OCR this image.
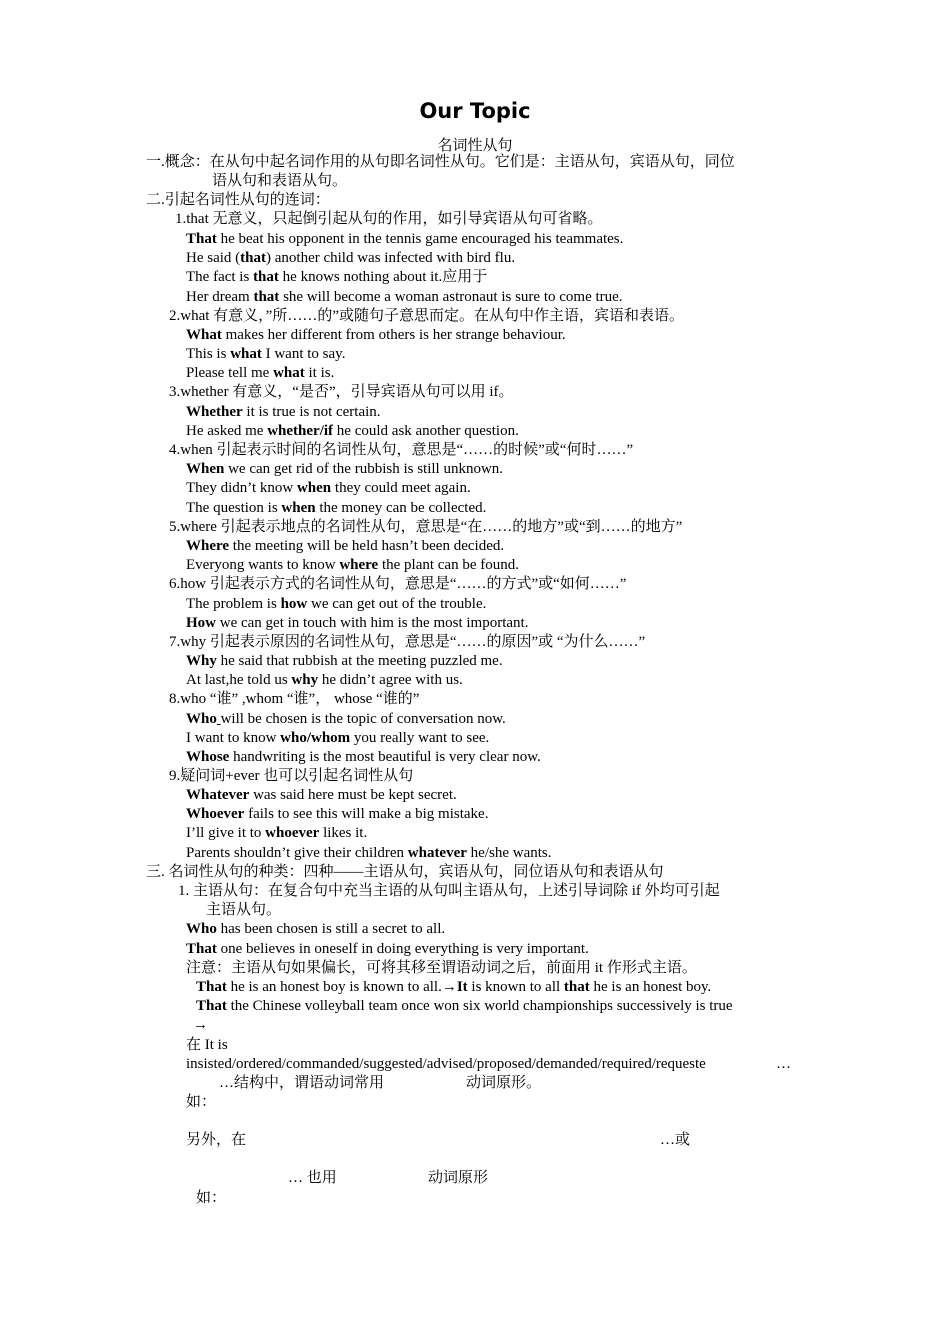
Our Topic
名词性从句
一.概念：在从句中起名词作用的从句即名词性从句。它们是：主语从句，宾语从句，同位
语从句和表语从句。
二.引起名词性从句的连词：
1.that 无意义，只起倒引起从句的作用，如引导宾语从句可省略。
That he beat his opponent in the tennis game encouraged his teammates.
He said (that) another child was infected with bird flu.
The fact is that he knows nothing about it.应用于
Her dream that she will become a woman astronaut is sure to come true.
2.what 有意义，”所……的”或随句子意思而定。在从句中作主语，宾语和表语。
What makes her different from others is her strange behaviour.
This is what I want to say.
Please tell me what it is.
3.whether 有意义，“是否”，引导宾语从句可以用 if。
Whether it is true is not certain.
He asked me whether/if he could ask another question.
4.when 引起表示时间的名词性从句，意思是“……的时候”或“何时……”
When we can get rid of the rubbish is still unknown.
They didn’t know when they could meet again.
The question is when the money can be collected.
5.where 引起表示地点的名词性从句，意思是“在……的地方”或“到……的地方”
Where the meeting will be held hasn’t been decided.
Everyong wants to know where the plant can be found.
6.how 引起表示方式的名词性从句，意思是“……的方式”或“如何……”
The problem is how we can get out of the trouble.
How we can get in touch with him is the most important.
7.why 引起表示原因的名词性从句，意思是“……的原因”或 “为什么……”
Why he said that rubbish at the meeting puzzled me.
At last,he told us why he didn’t agree with us.
8.who “谁” ,whom “谁”， whose “谁的”
Who will be chosen is the topic of conversation now.
I want to know who/whom you really want to see.
Whose handwriting is the most beautiful is very clear now.
9.疑问词+ever 也可以引起名词性从句
Whatever was said here must be kept secret.
Whoever fails to see this will make a big mistake.
I’ll give it to whoever likes it.
Parents shouldn’t give their children whatever he/she wants.
三. 名词性从句的种类：四种——主语从句，宾语从句，同位语从句和表语从句
1. 主语从句：在复合句中充当主语的从句叫主语从句，上述引导词除 if 外均可引起
主语从句。
Who has been chosen is still a secret to all.
That one believes in oneself in doing everything is very important.
注意：主语从句如果偏长，可将其移至谓语动词之后，前面用 it 作形式主语。
That he is an honest boy is known to all.→It is known to all that he is an honest boy.
That the Chinese volleyball team once won six world championships successively is true
→
在 It is
insisted/ordered/commanded/suggested/advised/proposed/demanded/required/requeste	…
…结构中，谓语动词常用	动词原形。
如：
另外，在	…或
… 也用	动词原形
如：
